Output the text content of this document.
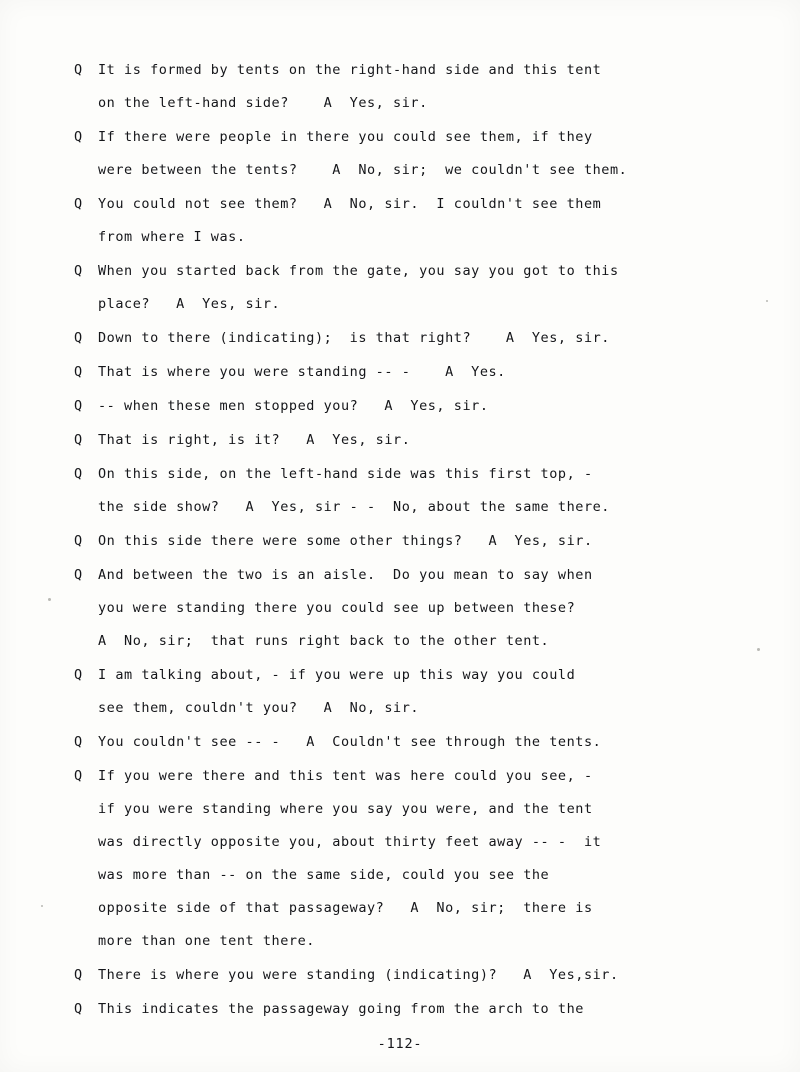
Q	It is formed by tents on the right-hand side and this tent
on the left-hand side?    A  Yes, sir.
Q	If there were people in there you could see them, if they
were between the tents?    A  No, sir;  we couldn't see them.
Q	You could not see them?   A  No, sir.  I couldn't see them
from where I was.
Q	When you started back from the gate, you say you got to this
place?   A  Yes, sir.
Q	Down to there (indicating);  is that right?    A  Yes, sir.
Q	That is where you were standing -- -    A  Yes.
Q	-- when these men stopped you?   A  Yes, sir.
Q	That is right, is it?   A  Yes, sir.
Q	On this side, on the left-hand side was this first top, -
the side show?   A  Yes, sir - -  No, about the same there.
Q	On this side there were some other things?   A  Yes, sir.
Q	And between the two is an aisle.  Do you mean to say when
you were standing there you could see up between these?
A  No, sir;  that runs right back to the other tent.
Q	I am talking about, - if you were up this way you could
see them, couldn't you?   A  No, sir.
Q	You couldn't see -- -   A  Couldn't see through the tents.
Q	If you were there and this tent was here could you see, -
if you were standing where you say you were, and the tent
was directly opposite you, about thirty feet away -- -  it
was more than -- on the same side, could you see the
opposite side of that passageway?   A  No, sir;  there is
more than one tent there.
Q	There is where you were standing (indicating)?   A  Yes,sir.
Q	This indicates the passageway going from the arch to the
-112-
